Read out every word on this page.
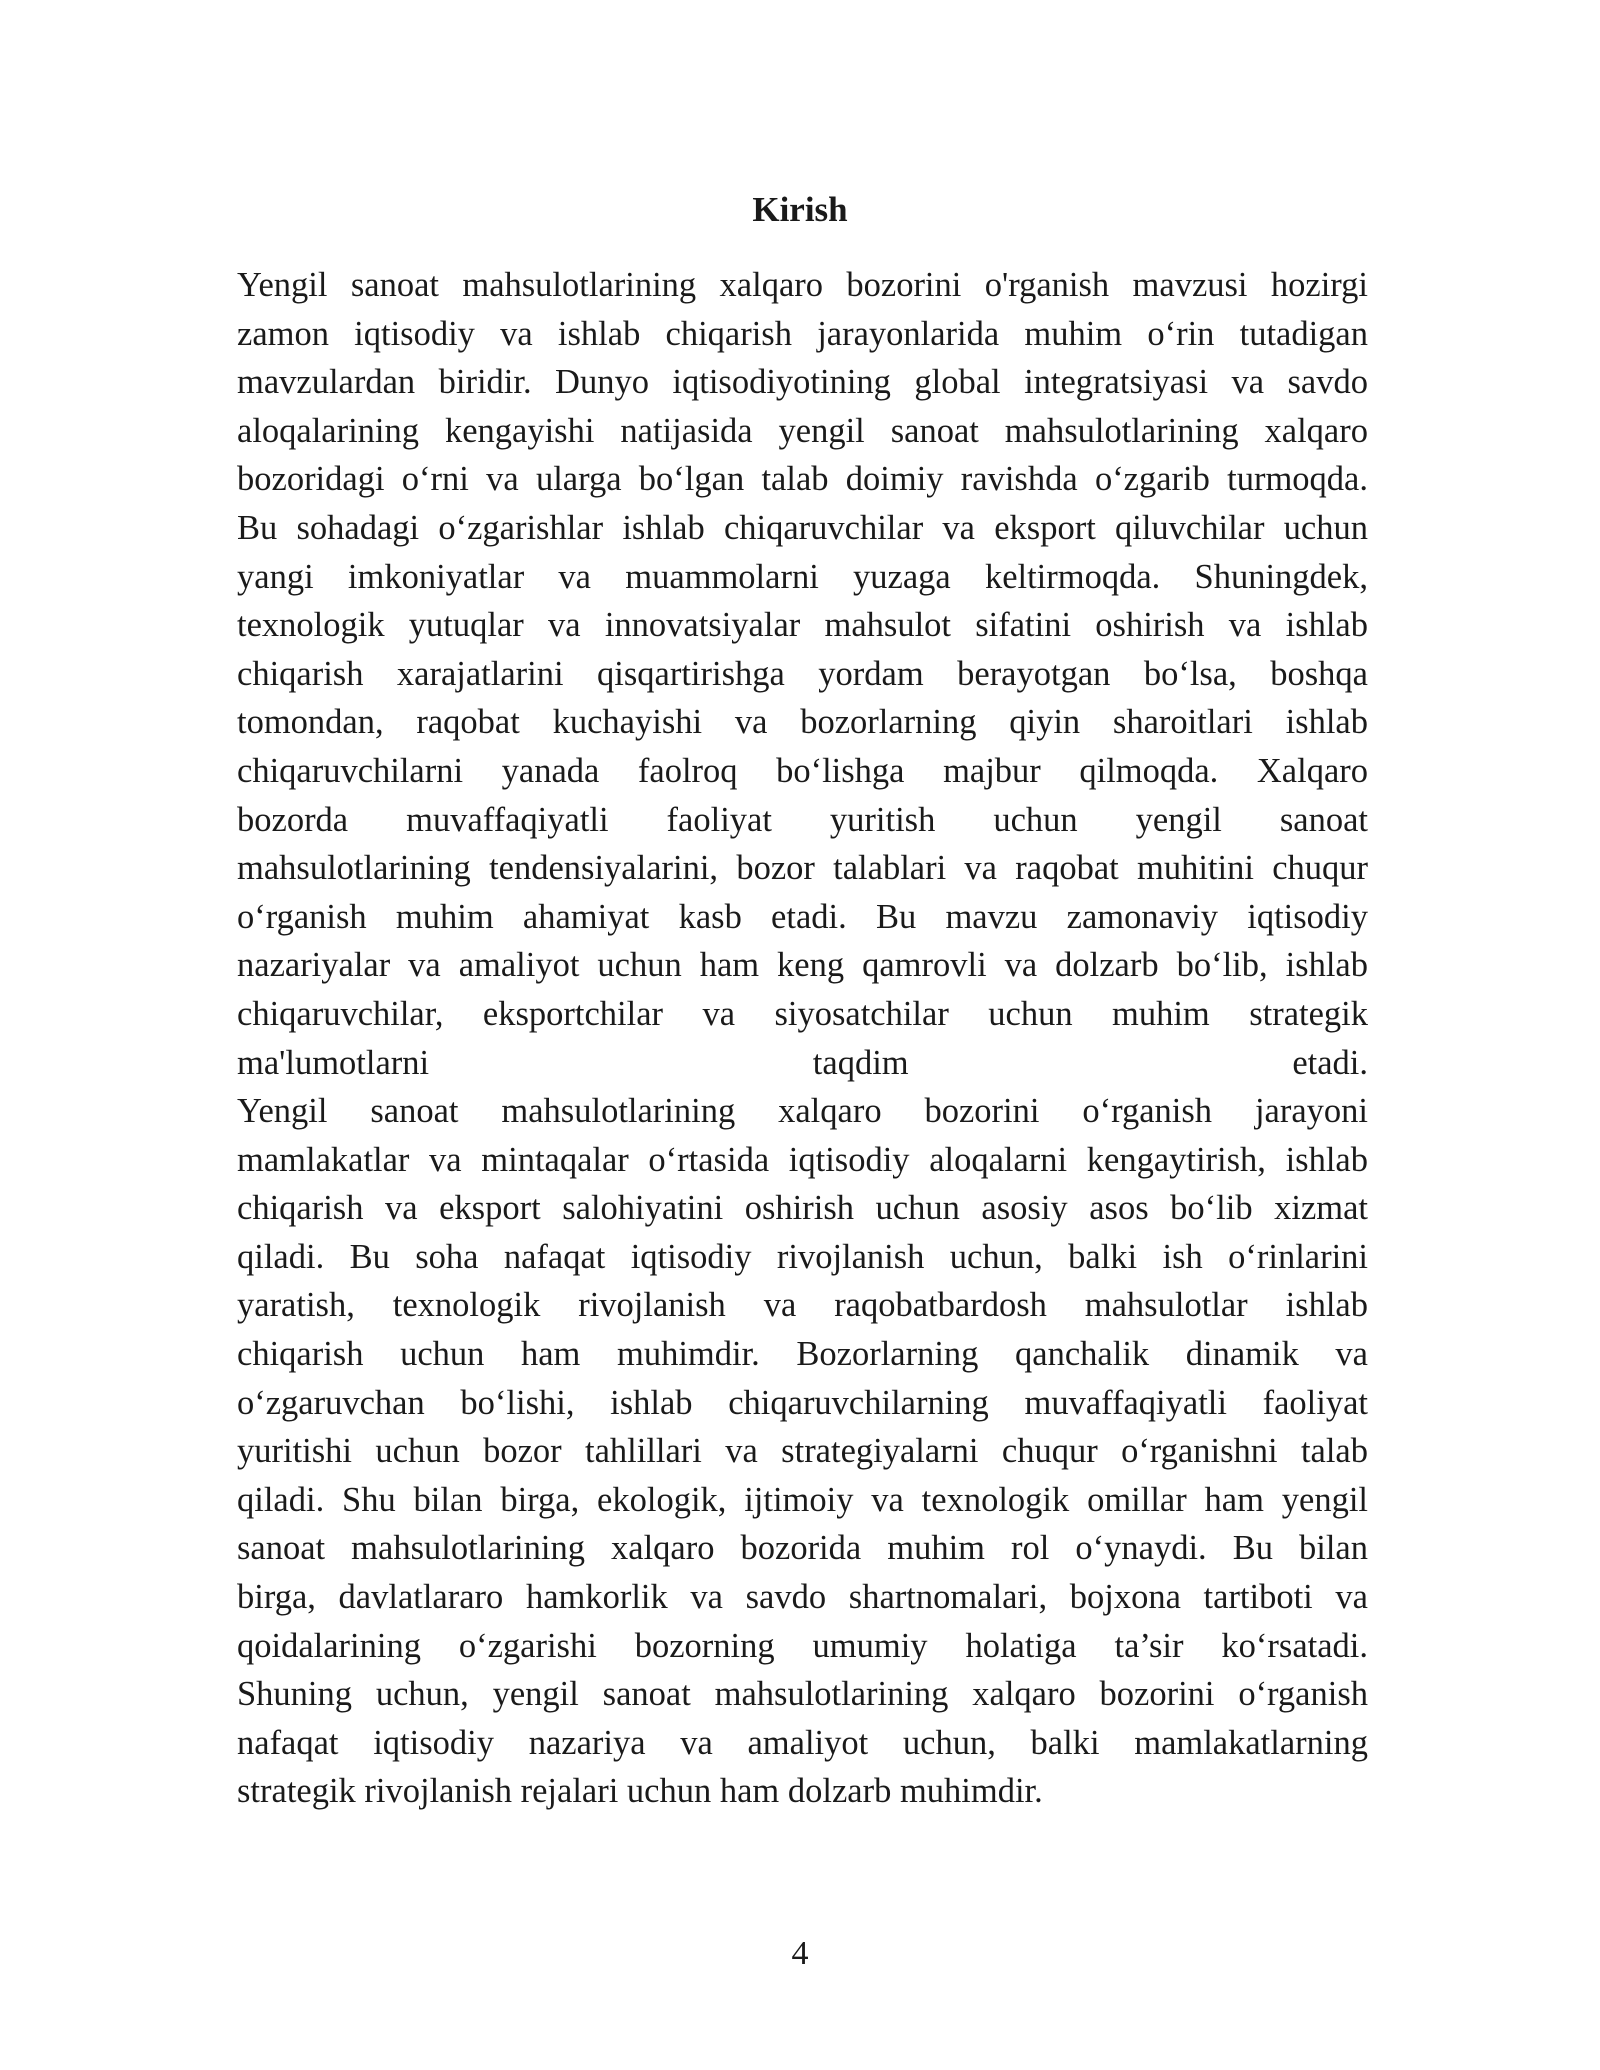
Kirish

Yengil sanoat mahsulotlarining xalqaro bozorini o'rganish mavzusi hozirgi
zamon iqtisodiy va ishlab chiqarish jarayonlarida muhim o‘rin tutadigan
mavzulardan biridir. Dunyo iqtisodiyotining global integratsiyasi va savdo
aloqalarining kengayishi natijasida yengil sanoat mahsulotlarining xalqaro
bozoridagi o‘rni va ularga bo‘lgan talab doimiy ravishda o‘zgarib turmoqda.
Bu sohadagi o‘zgarishlar ishlab chiqaruvchilar va eksport qiluvchilar uchun
yangi imkoniyatlar va muammolarni yuzaga keltirmoqda. Shuningdek,
texnologik yutuqlar va innovatsiyalar mahsulot sifatini oshirish va ishlab
chiqarish xarajatlarini qisqartirishga yordam berayotgan bo‘lsa, boshqa
tomondan, raqobat kuchayishi va bozorlarning qiyin sharoitlari ishlab
chiqaruvchilarni yanada faolroq bo‘lishga majbur qilmoqda. Xalqaro
bozorda muvaffaqiyatli faoliyat yuritish uchun yengil sanoat
mahsulotlarining tendensiyalarini, bozor talablari va raqobat muhitini chuqur
o‘rganish muhim ahamiyat kasb etadi. Bu mavzu zamonaviy iqtisodiy
nazariyalar va amaliyot uchun ham keng qamrovli va dolzarb bo‘lib, ishlab
chiqaruvchilar, eksportchilar va siyosatchilar uchun muhim strategik
ma'lumotlarni taqdim etadi.

Yengil sanoat mahsulotlarining xalqaro bozorini o‘rganish jarayoni
mamlakatlar va mintaqalar o‘rtasida iqtisodiy aloqalarni kengaytirish, ishlab
chiqarish va eksport salohiyatini oshirish uchun asosiy asos bo‘lib xizmat
qiladi. Bu soha nafaqat iqtisodiy rivojlanish uchun, balki ish o‘rinlarini
yaratish, texnologik rivojlanish va raqobatbardosh mahsulotlar ishlab
chiqarish uchun ham muhimdir. Bozorlarning qanchalik dinamik va
o‘zgaruvchan bo‘lishi, ishlab chiqaruvchilarning muvaffaqiyatli faoliyat
yuritishi uchun bozor tahlillari va strategiyalarni chuqur o‘rganishni talab
qiladi. Shu bilan birga, ekologik, ijtimoiy va texnologik omillar ham yengil
sanoat mahsulotlarining xalqaro bozorida muhim rol o‘ynaydi. Bu bilan
birga, davlatlararo hamkorlik va savdo shartnomalari, bojxona tartiboti va
qoidalarining o‘zgarishi bozorning umumiy holatiga ta’sir ko‘rsatadi.
Shuning uchun, yengil sanoat mahsulotlarining xalqaro bozorini o‘rganish
nafaqat iqtisodiy nazariya va amaliyot uchun, balki mamlakatlarning
strategik rivojlanish rejalari uchun ham dolzarb muhimdir.

4
